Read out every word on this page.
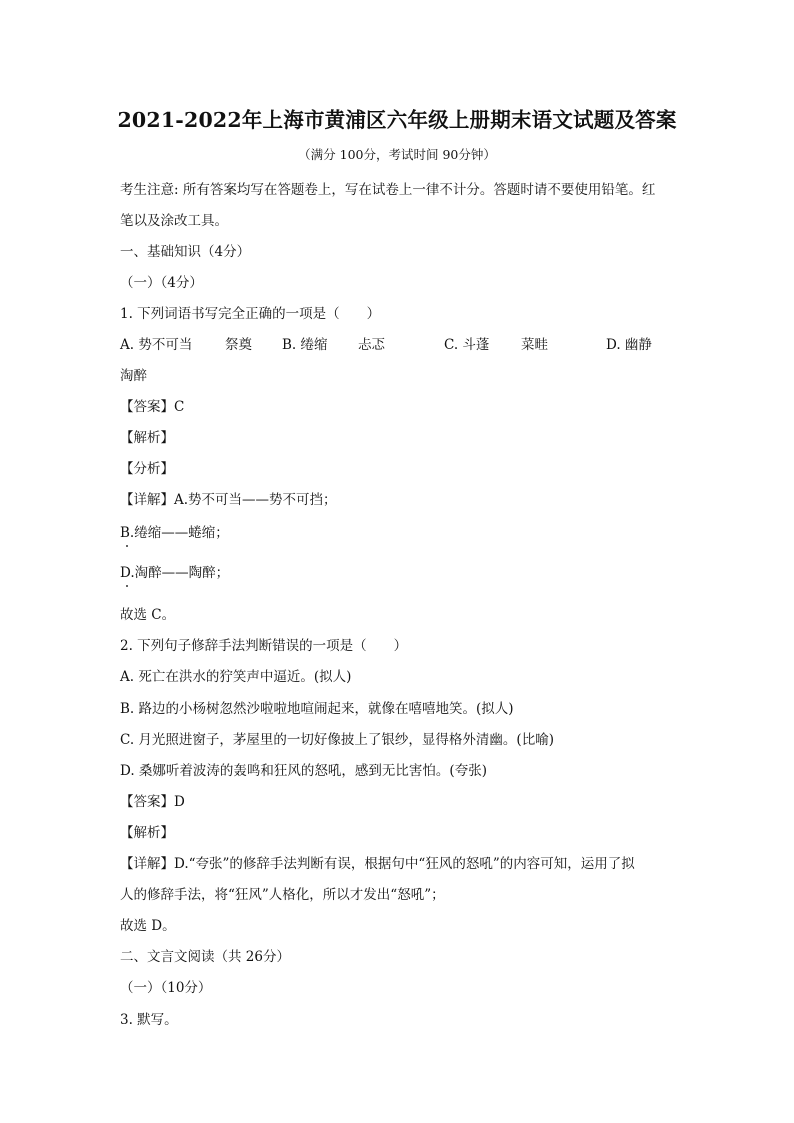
2021-2022年上海市黄浦区六年级上册期末语文试题及答案
（满分 100分，考试时间 90分钟）
考生注意: 所有答案均写在答题卷上，写在试卷上一律不计分。答题时请不要使用铅笔。红
笔以及涂改工具。
一、基础知识（4分）
（一）（4分）
1. 下列词语书写完全正确的一项是（　　）
A. 势不可当 祭奠 B. 绻缩 忐忑	C. 斗蓬 菜畦	D. 幽静
淘醉
【答案】C
【解析】
【分析】
【详解】A.势不可当——势不可挡；
B.绻缩——蜷缩；
D.淘醉——陶醉；
故选 C。
2. 下列句子修辞手法判断错误的一项是（　　）
A. 死亡在洪水的狞笑声中逼近。(拟人)
B. 路边的小杨树忽然沙啦啦地喧闹起来，就像在嘻嘻地笑。(拟人)
C. 月光照进窗子，茅屋里的一切好像披上了银纱，显得格外清幽。(比喻)
D. 桑娜听着波涛的轰鸣和狂风的怒吼，感到无比害怕。(夸张)
【答案】D
【解析】
【详解】D.“夸张”的修辞手法判断有误，根据句中“狂风的怒吼”的内容可知，运用了拟
人的修辞手法，将“狂风”人格化，所以才发出“怒吼”；
故选 D。
二、文言文阅读（共 26分）
（一）（10分）
3. 默写。
